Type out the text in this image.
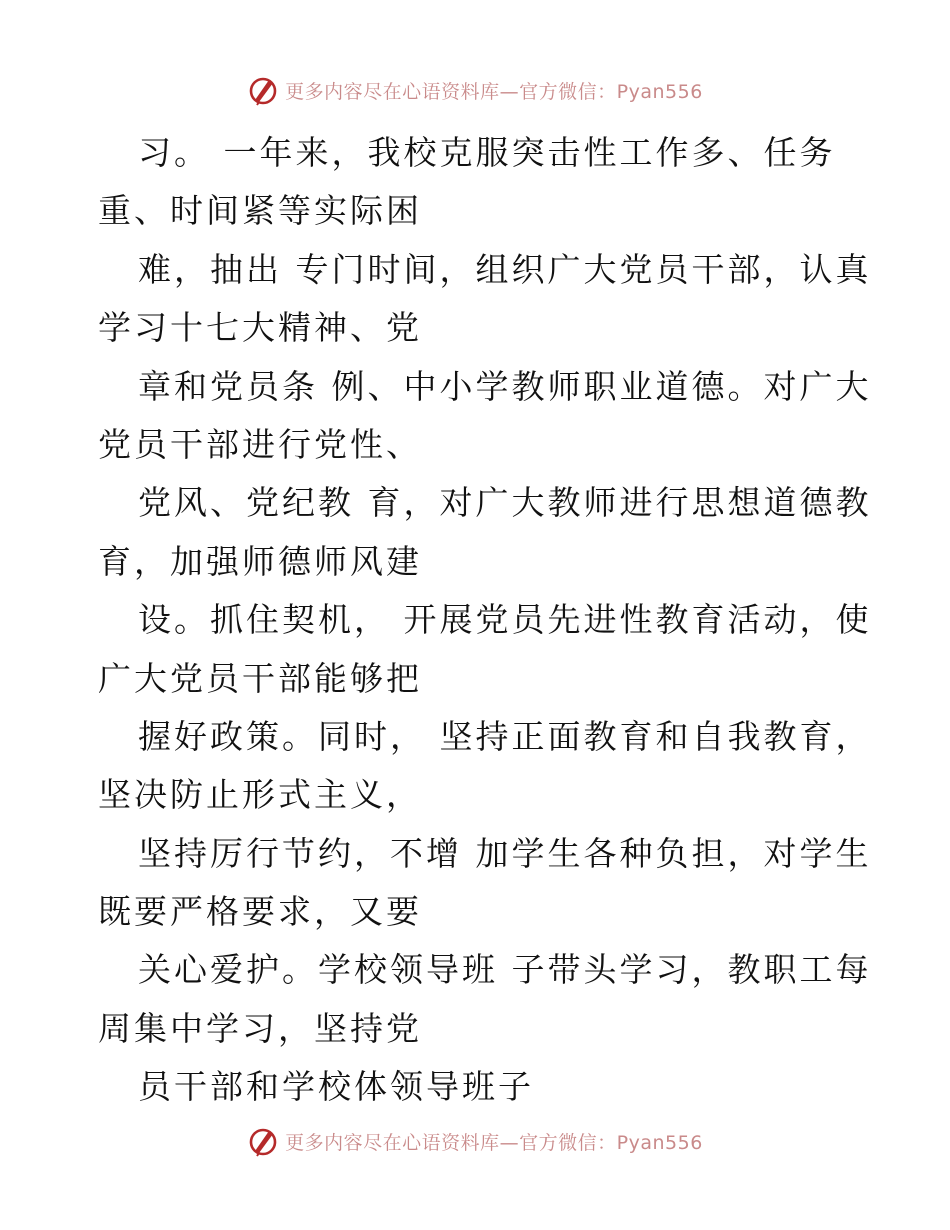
更多内容尽在心语资料库—官方微信：Pyan556
习。 一年来，我校克服突击性工作多、任务
重、时间紧等实际困
难，抽出 专门时间，组织广大党员干部，认真
学习十七大精神、党
章和党员条 例、中小学教师职业道德。对广大
党员干部进行党性、
党风、党纪教 育，对广大教师进行思想道德教
育，加强师德师风建
设。抓住契机， 开展党员先进性教育活动，使
广大党员干部能够把
握好政策。同时， 坚持正面教育和自我教育，
坚决防止形式主义，
坚持厉行节约，不增 加学生各种负担，对学生
既要严格要求，又要
关心爱护。学校领导班 子带头学习，教职工每
周集中学习，坚持党
员干部和学校体领导班子
更多内容尽在心语资料库—官方微信：Pyan556
